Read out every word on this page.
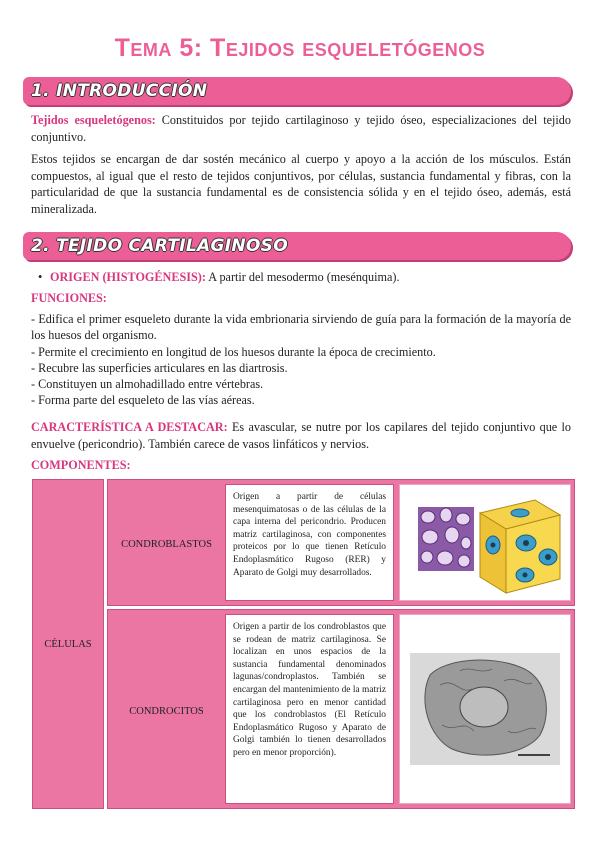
Tema 5: Tejidos esqueletógenos
1. INTRODUCCIÓN

Tejidos esqueletógenos: Constituidos por tejido cartilaginoso y tejido óseo, especializaciones del tejido conjuntivo.

Estos tejidos se encargan de dar sostén mecánico al cuerpo y apoyo a la acción de los músculos. Están compuestos, al igual que el resto de tejidos conjuntivos, por células, sustancia fundamental y fibras, con la particularidad de que la sustancia fundamental es de consistencia sólida y en el tejido óseo, además, está mineralizada.

2. TEJIDO CARTILAGINOSO
• ORIGEN (HISTOGÉNESIS): A partir del mesodermo (mesénquima).
FUNCIONES:
- Edifica el primer esqueleto durante la vida embrionaria sirviendo de guía para la formación de la mayoría de los huesos del organismo.
- Permite el crecimiento en longitud de los huesos durante la época de crecimiento.
- Recubre las superficies articulares en las diartrosis.
- Constituyen un almohadillado entre vértebras.
- Forma parte del esqueleto de las vías aéreas.

CARACTERÍSTICA A DESTACAR: Es avascular, se nutre por los capilares del tejido conjuntivo que lo envuelve (pericondrio). También carece de vasos linfáticos y nervios.

COMPONENTES:
CÉLULAS
CONDROBLASTOS
Origen a partir de células mesenquimatosas o de las células de la capa interna del pericondrio. Producen matriz cartilaginosa, con componentes proteicos por lo que tienen Retículo Endoplasmático Rugoso (RER) y Aparato de Golgi muy desarrollados.
CONDROCITOS
Origen a partir de los condroblastos que se rodean de matriz cartilaginosa. Se localizan en unos espacios de la sustancia fundamental denominados lagunas/condroplastos. También se encargan del mantenimiento de la matriz cartilaginosa pero en menor cantidad que los condroblastos (El Retículo Endoplasmático Rugoso y Aparato de Golgi también lo tienen desarrollados pero en menor proporción).
